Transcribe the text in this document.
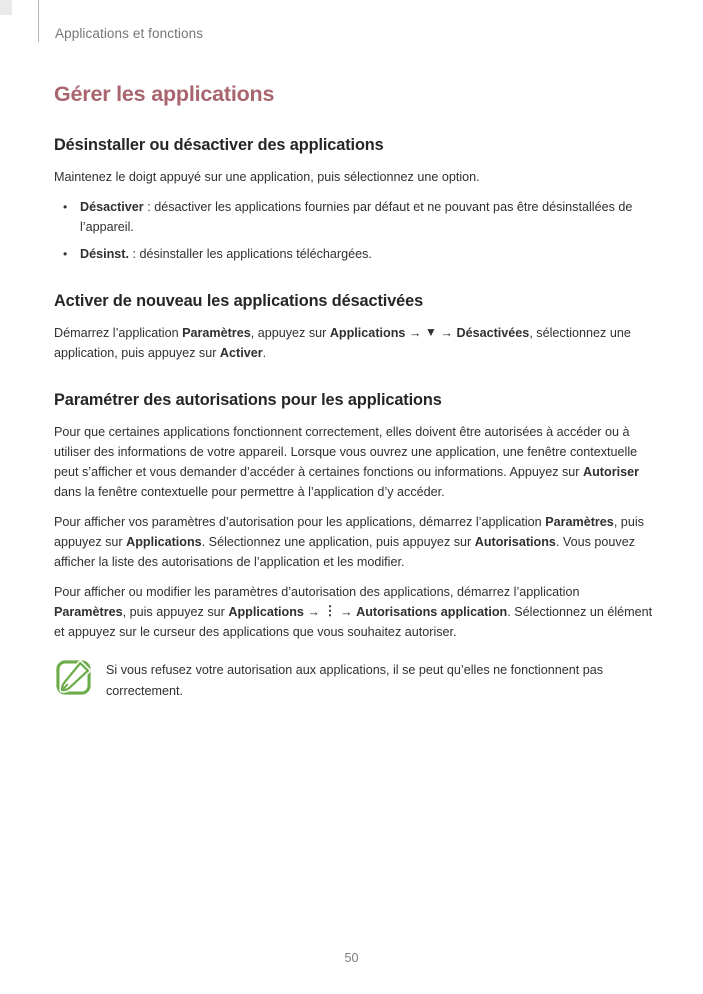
Applications et fonctions
Gérer les applications
Désinstaller ou désactiver des applications

Maintenez le doigt appuyé sur une application, puis sélectionnez une option.

• Désactiver : désactiver les applications fournies par défaut et ne pouvant pas être désinstallées de l’appareil.
• Désinst. : désinstaller les applications téléchargées.
Activer de nouveau les applications désactivées

Démarrez l’application Paramètres, appuyez sur Applications → ▼ → Désactivées, sélectionnez une application, puis appuyez sur Activer.

Paramétrer des autorisations pour les applications

Pour que certaines applications fonctionnent correctement, elles doivent être autorisées à accéder ou à utiliser des informations de votre appareil. Lorsque vous ouvrez une application, une fenêtre contextuelle peut s’afficher et vous demander d’accéder à certaines fonctions ou informations. Appuyez sur Autoriser dans la fenêtre contextuelle pour permettre à l’application d’y accéder.

Pour afficher vos paramètres d’autorisation pour les applications, démarrez l’application Paramètres, puis appuyez sur Applications. Sélectionnez une application, puis appuyez sur Autorisations. Vous pouvez afficher la liste des autorisations de l’application et les modifier.

Pour afficher ou modifier les paramètres d’autorisation des applications, démarrez l’application Paramètres, puis appuyez sur Applications → ⋮ → Autorisations application. Sélectionnez un élément et appuyez sur le curseur des applications que vous souhaitez autoriser.

Si vous refusez votre autorisation aux applications, il se peut qu’elles ne fonctionnent pas correctement.
50
